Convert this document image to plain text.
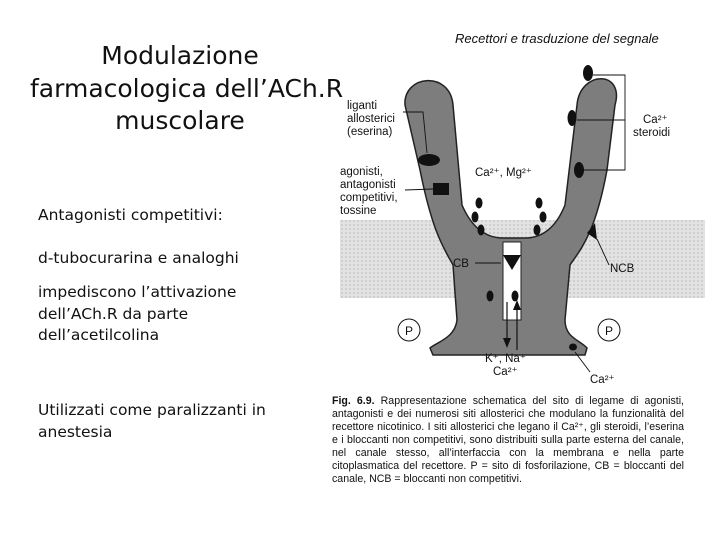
Modulazione
farmacologica dell’ACh.R
muscolare
Antagonisti competitivi:
d-tubocurarina e analoghi
impediscono l’attivazione dell’ACh.R da parte dell’acetilcolina
Utilizzati come paralizzanti in anestesia
Recettori e trasduzione del segnale
P	P
liganti
allosterici
(eserina)
agonisti,
antagonisti
competitivi,
tossine
Ca²⁺, Mg²⁺
Ca²⁺
steroidi
CB	NCB
K⁺, Na⁺
Ca²⁺
Ca²⁺
Fig. 6.9. Rappresentazione schematica del sito di legame di agonisti, antagonisti e dei numerosi siti allosterici che modulano la funzionalità del recettore nicotinico. I siti allosterici che legano il Ca²⁺, gli steroidi, l’eserina e i bloccanti non competitivi, sono distribuiti sulla parte esterna del canale, nel canale stesso, all’interfaccia con la membrana e nella parte citoplasmatica del recettore. P = sito di fosforilazione, CB = bloccanti del canale, NCB = bloccanti non competitivi.
